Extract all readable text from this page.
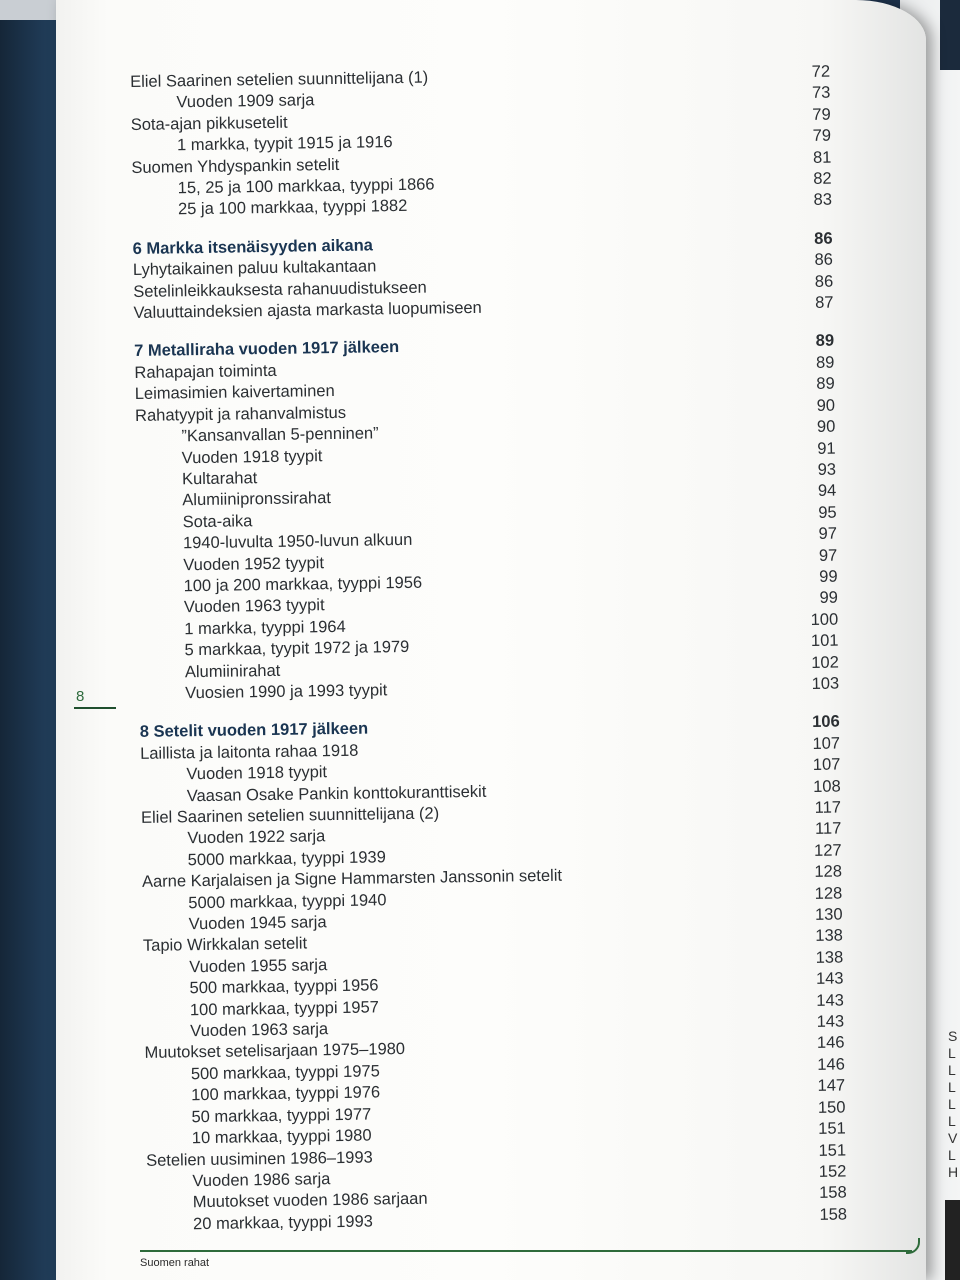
S
L
L
L
L
L
V
L
H
Eliel Saarinen setelien suunnittelijana (1)	72
Vuoden 1909 sarja	73
Sota-ajan pikkusetelit	79
1 markka, tyypit 1915 ja 1916	79
Suomen Yhdyspankin setelit	81
15, 25 ja 100 markkaa, tyyppi 1866	82
25 ja 100 markkaa, tyyppi 1882	83
6 Markka itsenäisyyden aikana	86
Lyhytaikainen paluu kultakantaan	86
Setelinleikkauksesta rahanuudistukseen	86
Valuuttaindeksien ajasta markasta luopumiseen	87
7 Metalliraha vuoden 1917 jälkeen	89
Rahapajan toiminta	89
Leimasimien kaivertaminen	89
Rahatyypit ja rahanvalmistus	90
”Kansanvallan 5-penninen”	90
Vuoden 1918 tyypit	91
Kultarahat	93
Alumiinipronssirahat	94
Sota-aika	95
1940-luvulta 1950-luvun alkuun	97
Vuoden 1952 tyypit	97
100 ja 200 markkaa, tyyppi 1956	99
Vuoden 1963 tyypit	99
1 markka, tyyppi 1964	100
5 markkaa, tyypit 1972 ja 1979	101
Alumiinirahat	102
Vuosien 1990 ja 1993 tyypit	103
8 Setelit vuoden 1917 jälkeen	106
Laillista ja laitonta rahaa 1918	107
Vuoden 1918 tyypit	107
Vaasan Osake Pankin konttokuranttisekit	108
Eliel Saarinen setelien suunnittelijana (2)	117
Vuoden 1922 sarja	117
5000 markkaa, tyyppi 1939	127
Aarne Karjalaisen ja Signe Hammarsten Janssonin setelit	128
5000 markkaa, tyyppi 1940	128
Vuoden 1945 sarja	130
Tapio Wirkkalan setelit	138
Vuoden 1955 sarja	138
500 markkaa, tyyppi 1956	143
100 markkaa, tyyppi 1957	143
Vuoden 1963 sarja	143
Muutokset setelisarjaan 1975–1980	146
500 markkaa, tyyppi 1975	146
100 markkaa, tyyppi 1976	147
50 markkaa, tyyppi 1977	150
10 markkaa, tyyppi 1980	151
Setelien uusiminen 1986–1993	151
Vuoden 1986 sarja	152
Muutokset vuoden 1986 sarjaan	158
20 markkaa, tyyppi 1993	158
8
Suomen rahat
